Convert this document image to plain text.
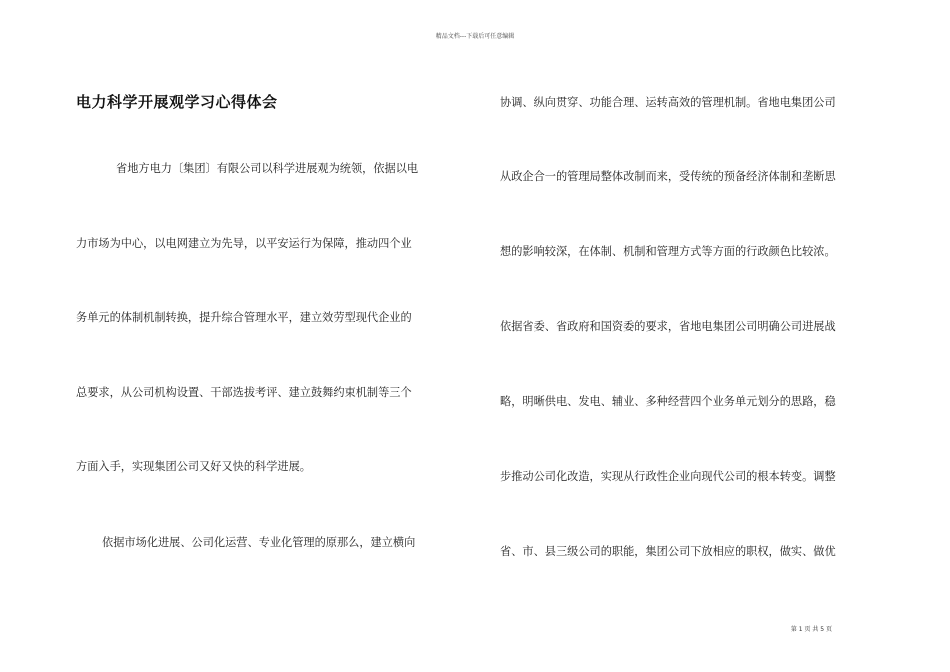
精品文档---下载后可任意编辑
电力科学开展观学习心得体会
省地方电力〔集团〕有限公司以科学进展观为统领，依据以电
力市场为中心，以电网建立为先导，以平安运行为保障，推动四个业
务单元的体制机制转换，提升综合管理水平，建立效劳型现代企业的
总要求，从公司机构设置、干部选拔考评、建立鼓舞约束机制等三个
方面入手，实现集团公司又好又快的科学进展。
依据市场化进展、公司化运营、专业化管理的原那么，建立横向
协调、纵向贯穿、功能合理、运转高效的管理机制。省地电集团公司
从政企合一的管理局整体改制而来，受传统的预备经济体制和垄断思
想的影响较深，在体制、机制和管理方式等方面的行政颜色比较浓。
依据省委、省政府和国资委的要求，省地电集团公司明确公司进展战
略，明晰供电、发电、辅业、多种经营四个业务单元划分的思路，稳
步推动公司化改造，实现从行政性企业向现代公司的根本转变。调整
省、市、县三级公司的职能，集团公司下放相应的职权，做实、做优
第 1 页 共 5 页
